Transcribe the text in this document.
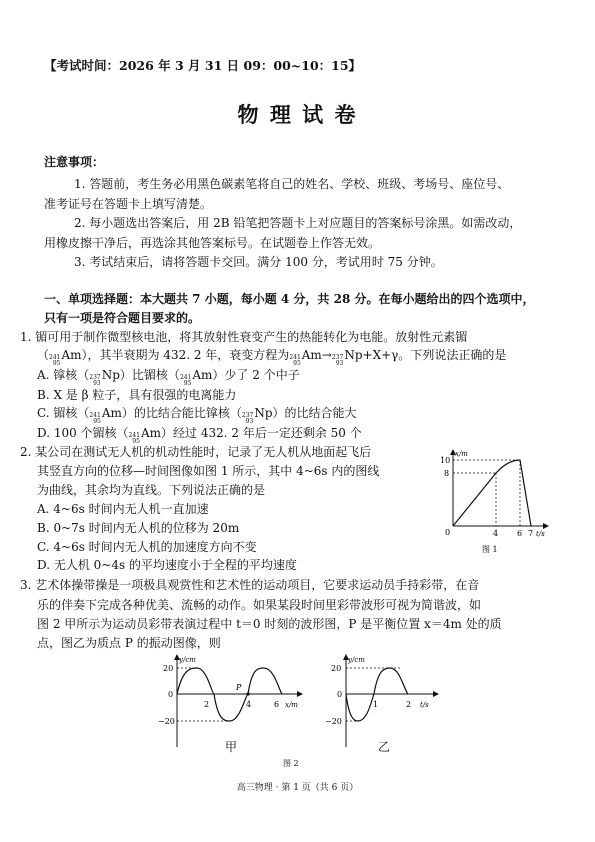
【考试时间：2026 年 3 月 31 日 09：00~10：15】
物 理 试 卷
注意事项：
1. 答题前，考生务必用黑色碳素笔将自己的姓名、学校、班级、考场号、座位号、
准考证号在答题卡上填写清楚。
2. 每小题选出答案后，用 2B 铅笔把答题卡上对应题目的答案标号涂黑。如需改动，
用橡皮擦干净后，再选涂其他答案标号。在试题卷上作答无效。
3. 考试结束后，请将答题卡交回。满分 100 分，考试用时 75 分钟。
一、单项选择题：本大题共 7 小题，每小题 4 分，共 28 分。在每小题给出的四个选项中，
只有一项是符合题目要求的。
1. 镅可用于制作微型核电池，将其放射性衰变产生的热能转化为电能。放射性元素镅
（ 241
95
Am），其半衰期为 432. 2 年，衰变方程为 241
95
Am→ 237
93
Np+X+γ。下列说法正确的是
A. 镎核（ 237
93
Np）比镅核（ 241
95
Am）少了 2 个中子
B. X 是 β 粒子，具有很强的电离能力
C. 镅核（ 241
95
Am）的比结合能比镎核（ 237
93
Np）的比结合能大
D. 100 个镅核（ 241
95
Am）经过 432. 2 年后一定还剩余 50 个
2. 某公司在测试无人机的机动性能时，记录了无人机从地面起飞后
其竖直方向的位移—时间图像如图 1 所示，其中 4~6s 内的图线
为曲线，其余均为直线。下列说法正确的是
A. 4~6s 时间内无人机一直加速
B. 0~7s 时间内无人机的位移为 20m
C. 4~6s 时间内无人机的加速度方向不变
D. 无人机 0~4s 的平均速度小于全程的平均速度
x/m
10
8
0	4 6 7 t/s
图 1
3. 艺术体操带操是一项极具观赏性和艺术性的运动项目，它要求运动员手持彩带，在音
乐的伴奏下完成各种优美、流畅的动作。如果某段时间里彩带波形可视为简谐波，如
图 2 甲所示为运动员彩带表演过程中 t＝0 时刻的波形图，P 是平衡位置 x＝4m 处的质
点，图乙为质点 P 的振动图像，则
y/cm
20
−20
0
2	4	6 x/m
P
甲
y/cm
20
−20
0
1	2 t/s
乙
图 2
高三物理 · 第 1 页（共 6 页）
